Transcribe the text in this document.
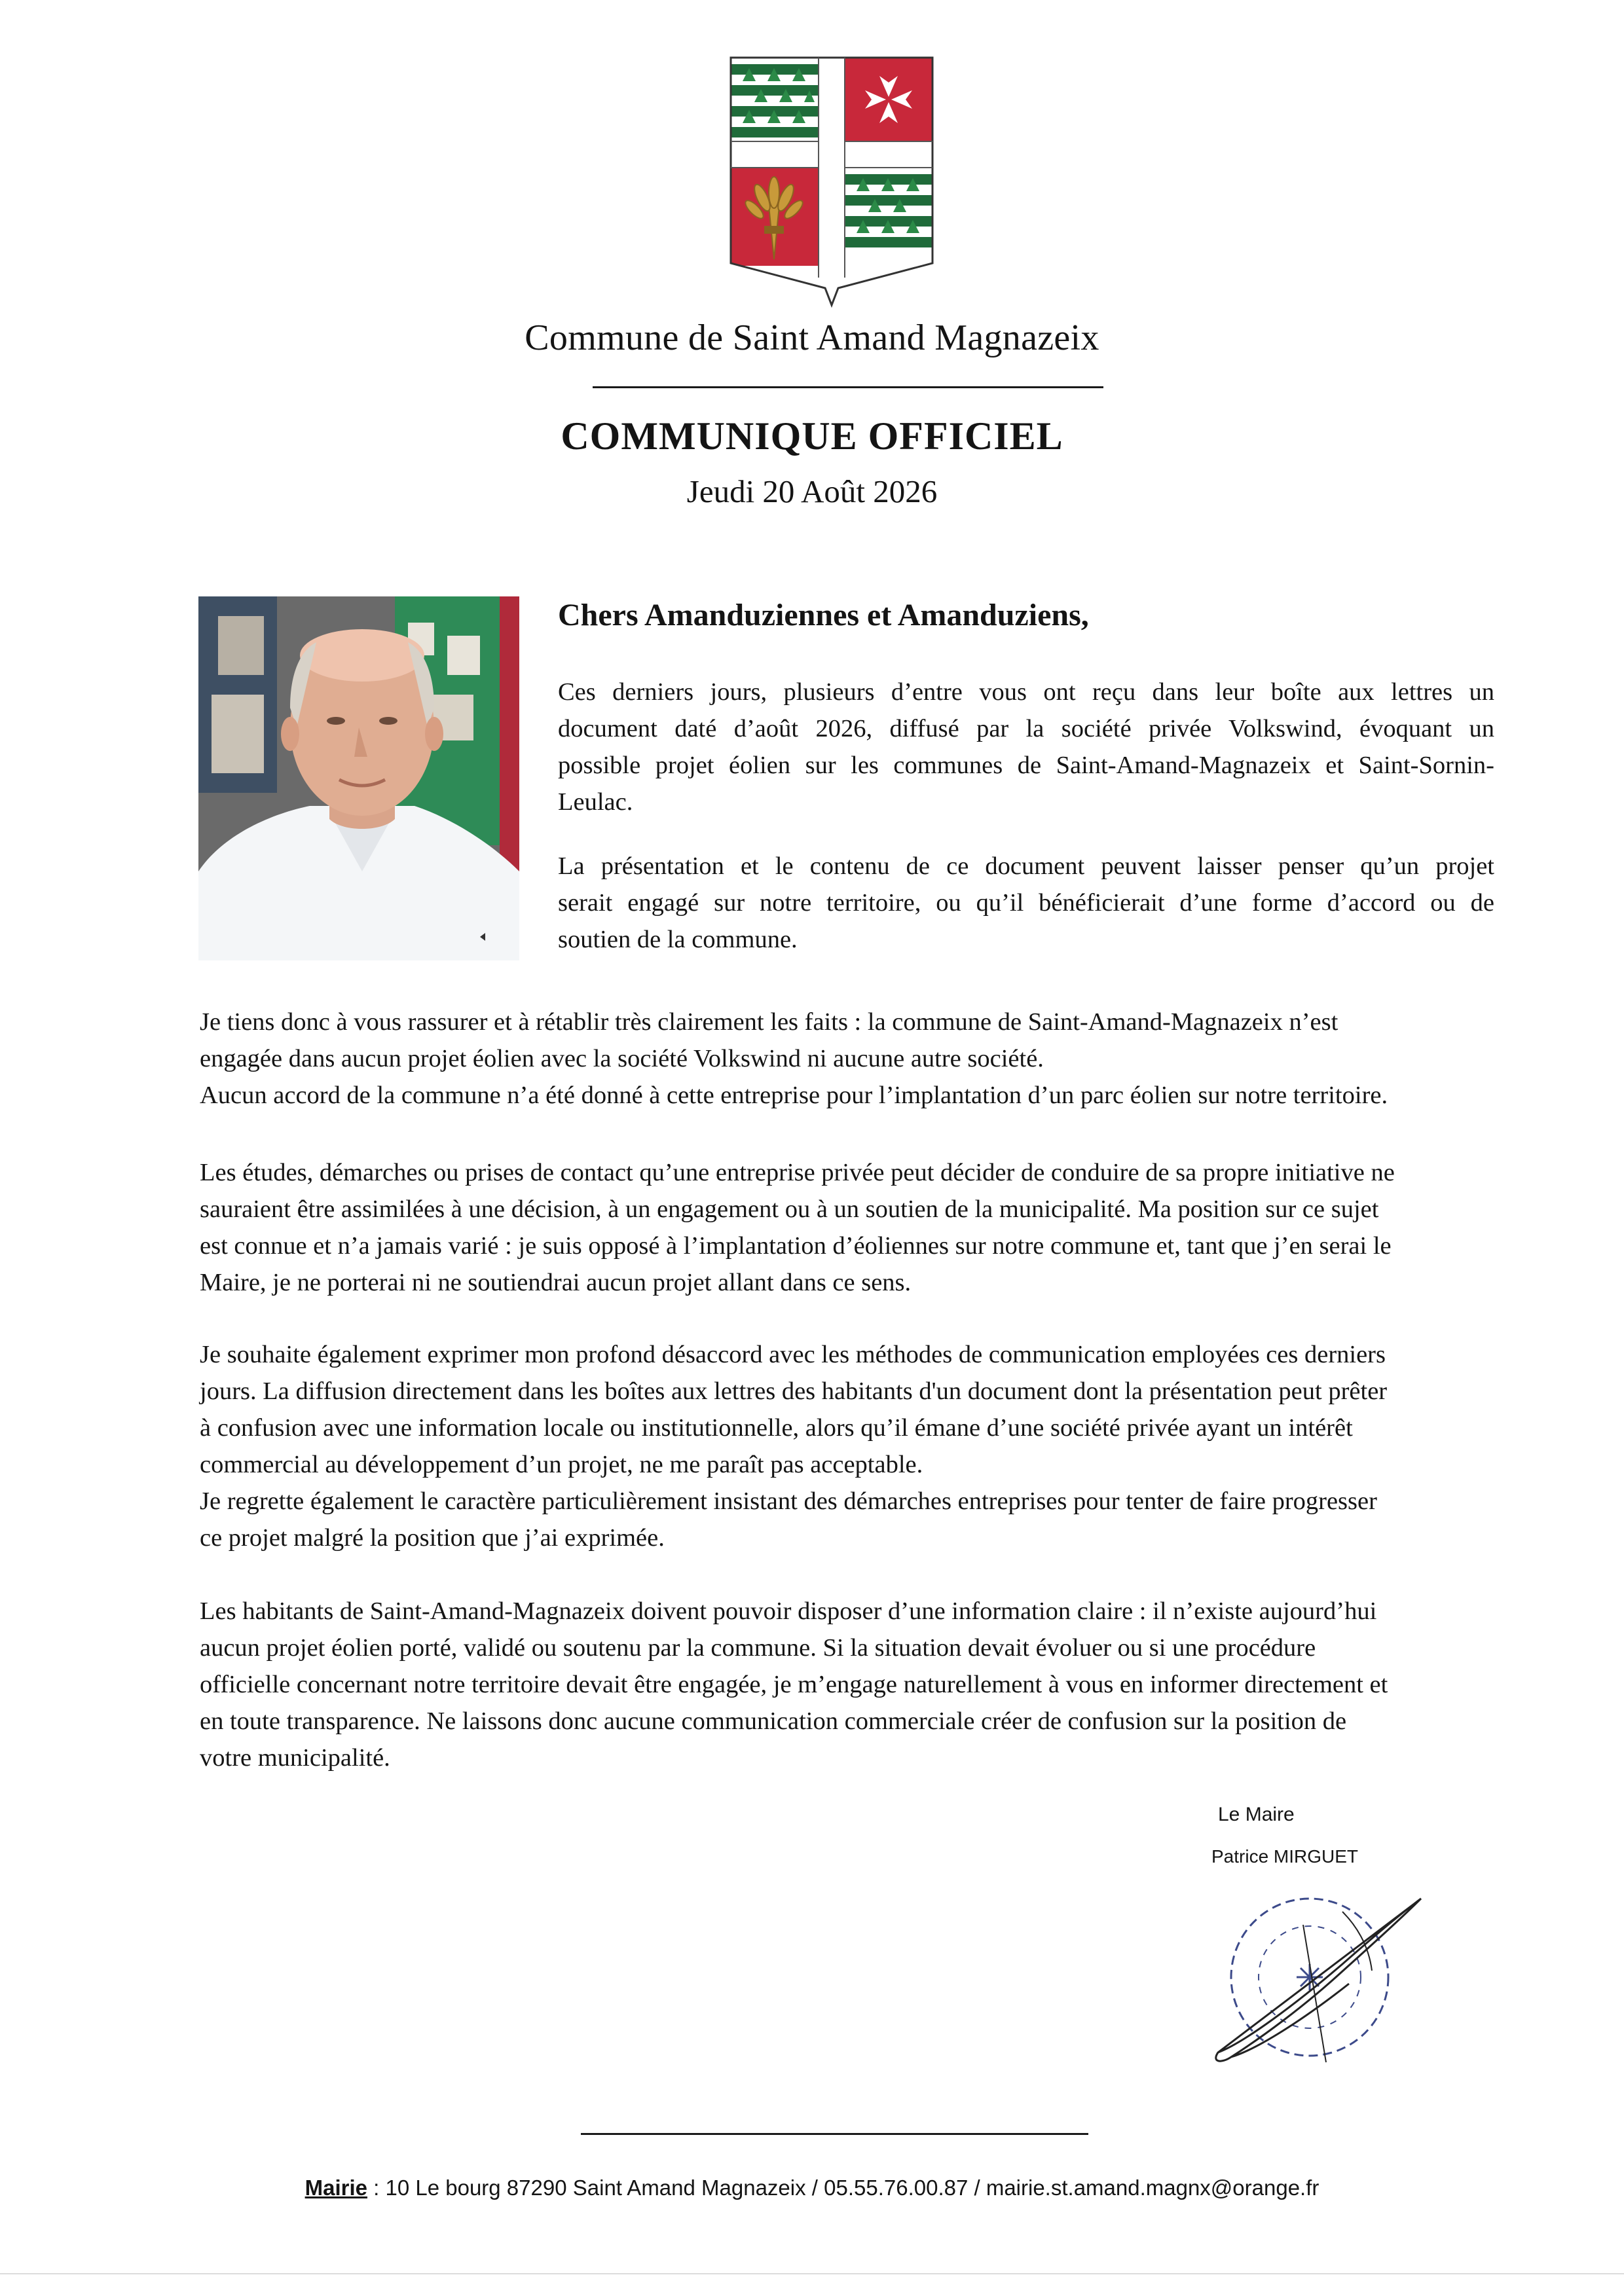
Commune de Saint Amand Magnazeix
COMMUNIQUE OFFICIEL
Jeudi 20 Août 2026
Chers Amanduziennes et Amanduziens,

Ces derniers jours, plusieurs d’entre vous ont reçu dans leur boîte aux lettres un
document daté d’août 2026, diffusé par la société privée Volkswind, évoquant un
possible projet éolien sur les communes de Saint-Amand-Magnazeix et Saint-Sornin-
Leulac.

La présentation et le contenu de ce document peuvent laisser penser qu’un projet
serait engagé sur notre territoire, ou qu’il bénéficierait d’une forme d’accord ou de
soutien de la commune.

Je tiens donc à vous rassurer et à rétablir très clairement les faits : la commune de Saint-Amand-Magnazeix n’est
engagée dans aucun projet éolien avec la société Volkswind ni aucune autre société.
Aucun accord de la commune n’a été donné à cette entreprise pour l’implantation d’un parc éolien sur notre territoire.

Les études, démarches ou prises de contact qu’une entreprise privée peut décider de conduire de sa propre initiative ne
sauraient être assimilées à une décision, à un engagement ou à un soutien de la municipalité. Ma position sur ce sujet
est connue et n’a jamais varié : je suis opposé à l’implantation d’éoliennes sur notre commune et, tant que j’en serai le
Maire, je ne porterai ni ne soutiendrai aucun projet allant dans ce sens.

Je souhaite également exprimer mon profond désaccord avec les méthodes de communication employées ces derniers
jours. La diffusion directement dans les boîtes aux lettres des habitants d'un document dont la présentation peut prêter
à confusion avec une information locale ou institutionnelle, alors qu’il émane d’une société privée ayant un intérêt
commercial au développement d’un projet, ne me paraît pas acceptable.
Je regrette également le caractère particulièrement insistant des démarches entreprises pour tenter de faire progresser
ce projet malgré la position que j’ai exprimée.

Les habitants de Saint-Amand-Magnazeix doivent pouvoir disposer d’une information claire : il n’existe aujourd’hui
aucun projet éolien porté, validé ou soutenu par la commune. Si la situation devait évoluer ou si une procédure
officielle concernant notre territoire devait être engagée, je m’engage naturellement à vous en informer directement et
en toute transparence. Ne laissons donc aucune communication commerciale créer de confusion sur la position de
votre municipalité.

Le Maire
Patrice MIRGUET
Mairie : 10 Le bourg 87290 Saint Amand Magnazeix / 05.55.76.00.87 / mairie.st.amand.magnx@orange.fr
